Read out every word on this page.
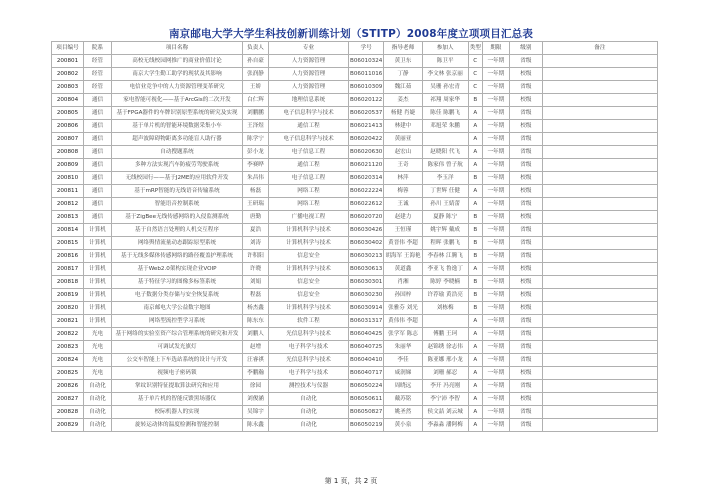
南京邮电大学大学生科技创新训练计划（STITP）2008年度立项项目汇总表
项目编号	院系	项目名称	负责人	专业	学号	指导老师	参加人	类型	期限	级别	备注
200801	经管	高校无线校园网推广的商业价值讨论	孙自豪	人力资源管理	B06010324	黄卫东	陈卫平	C	一年期	省级	
200802	经管	南京大学生勤工助学的现状及其影响	张润静	人力资源管理	B06011016	丁静	李文林 张京丽	C	一年期	校级	
200803	经管	电信业竞争中的人力资源管理变革研究	王娇	人力资源管理	B06010309	魏江茹	吴珊 孙宏青	C	一年期	省级	
200804	通信	家电智能可视化——基于ArcGis的二次开发	白仁辉	地理信息系统	B06020122	姜杰	祁翔 周家华	B	一年期	校级	
200805	通信	基于FPGA器件的车牌识别原型系统的研究及实现	刘鹏鹏	电子信息科学与技术	B06020537	杨健 肖婕	陈佳 陈鹏飞	A	一年期	省级	
200806	通信	基于单片机的智能环境数据采集小车	王泽煜	通信工程	B06021413	林建中	邓旭荣 朱鹏	A	一年期	校级	
200807	通信	超声波障碍物距离多功能盲人助行器	陈学宁	电子信息科学与技术	B06020422	黄丽亚		A	一年期	省级	
200808	通信	自动搜题系统	彭小龙	电子信息工程	B06020630	赵宏山	赵晓阳 代飞	A	一年期	省级	
200809	通信	多种方法实现汽车防疲劳驾驶系统	李赛晔	通信工程	B06021120	王奇	陈家伟 曾子航	A	一年期	省级	
200810	通信	无线校园行——基于J2ME的应用软件开发	朱昌伟	电子信息工程	B06020314	林萍	李玉洋	B	一年期	校级	
200811	通信	基于mRP智能的无线语音传输系统	杨磊	网络工程	B06022224	梅蓉	丁世辉 任健	A	一年期	校级	
200812	通信	智能语音控制系统	王研瑞	网络工程	B06022612	王诚	孙川 王婧蕾	A	一年期	省级	
200813	通信	基于ZigBee无线传感网络的入侵监测系统	唐勤	广播电视工程	B06020720	赵建力	夏静 陈宁	B	一年期	校级	
200814	计算机	基于自然语言处理的人机交互程序	夏浩	计算机科学与技术	B06030426	王恒瑾	姚宇辉 戴成	B	一年期	省级	
200815	计算机	网络舆情流量动态跟踪原型系统	刘涛	计算机科学与技术	B06030402	黄晋伟 李超	程晖 张鹏飞	B	一年期	省级	
200816	计算机	基于无线多媒体传感网络的路径覆盖护理系统	许积阳	信息安全	B06030213	胡海军 王海艳	李春林 江腾飞	B	一年期	省级	
200817	计算机	基于Web2.0架构实现企业VOIP	许晓	计算机科学与技术	B06030613	黄道鑫	李亚飞 鲁逸丁	A	一年期	校级	
200818	计算机	基于特征学习的图像多标签系统	刘娟	信息安全	B06030301	肖湘	陈婷 李晓楠	B	一年期	校级	
200819	计算机	电子数据分类存储与安全恢复系统	程磊	信息安全	B06030230	孙国梓	许荐瑜 黄浩亮	B	一年期	校级	
200820	计算机	南京邮电大学公益数字地图	杨杰鑫	计算机科学与技术	B06030914	张雅芬 刘光	刘栋梅	B	一年期	校级	
200821	计算机	网络型流控型学习系统	陈东东	软件工程	B06031317	黄伟伟 李超		A	一年期	省级	
200822	光电	基于网络的实验室资产综合管理系统的研究和开发	刘鹏人	光信息科学与技术	B06040425	张学军 陈志	傅鹏 王珂	A	一年期	省级	
200823	光电	可调试发光旗灯	赵增	电子科学与技术	B06040725	朱丽华	赵锦绣 徐志伟	A	一年期	省级	
200824	光电	公交车智能上下车选站系统的设计与开发	汪睿祺	光信息科学与技术	B06040410	李佳	陈亚娜 邢小龙	A	一年期	省级	
200825	光电	视频电子密码锁	李鹏瀚	电子科学与技术	B06040717	咸润娣	刘珊 郝忍	A	一年期	校级	
200826	自动化	掌纹识别特征提取算法研究和应用	徐园	测控技术与仪器	B06050224	周晓远	李开 冯亮刚	A	一年期	省级	
200827	自动化	基于单片机的智能反馈黑场器仪	刘俊涵	自动化	B06050611	戴苏铭	李宁沛 李智	A	一年期	校级	
200828	自动化	校际机器人的实现	吴锦宇	自动化	B06050827	姚圣然	侯文喆 刘云城	A	一年期	省级	
200829	自动化	旋转运动体的温度检测和智能控制	陈永鑫	自动化	B06050219	黄小泉	李淼淼 潘阿梅	A	一年期	省级	
第 1 页，共 2 页
